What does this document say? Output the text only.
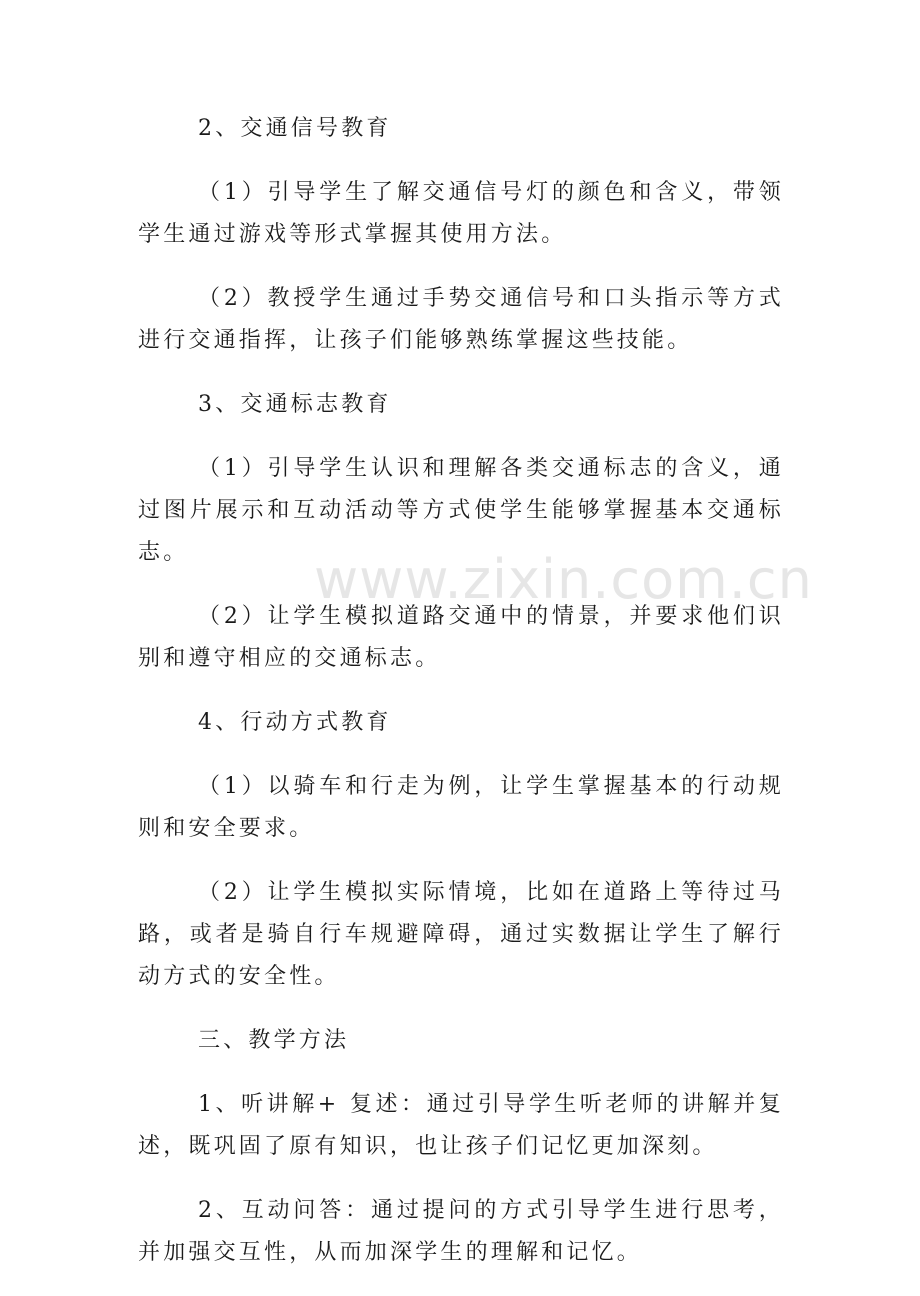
www.zixin.com.cn

2、交通信号教育

（1）引导学生了解交通信号灯的颜色和含义，带领学生通过游戏等形式掌握其使用方法。

（2）教授学生通过手势交通信号和口头指示等方式进行交通指挥，让孩子们能够熟练掌握这些技能。

3、交通标志教育

（1）引导学生认识和理解各类交通标志的含义，通过图片展示和互动活动等方式使学生能够掌握基本交通标志。

（2）让学生模拟道路交通中的情景，并要求他们识别和遵守相应的交通标志。

4、行动方式教育

（1）以骑车和行走为例，让学生掌握基本的行动规则和安全要求。

（2）让学生模拟实际情境，比如在道路上等待过马路，或者是骑自行车规避障碍，通过实数据让学生了解行动方式的安全性。

三、教学方法

1、听讲解+ 复述：通过引导学生听老师的讲解并复述，既巩固了原有知识，也让孩子们记忆更加深刻。

2、互动问答：通过提问的方式引导学生进行思考，并加强交互性，从而加深学生的理解和记忆。
